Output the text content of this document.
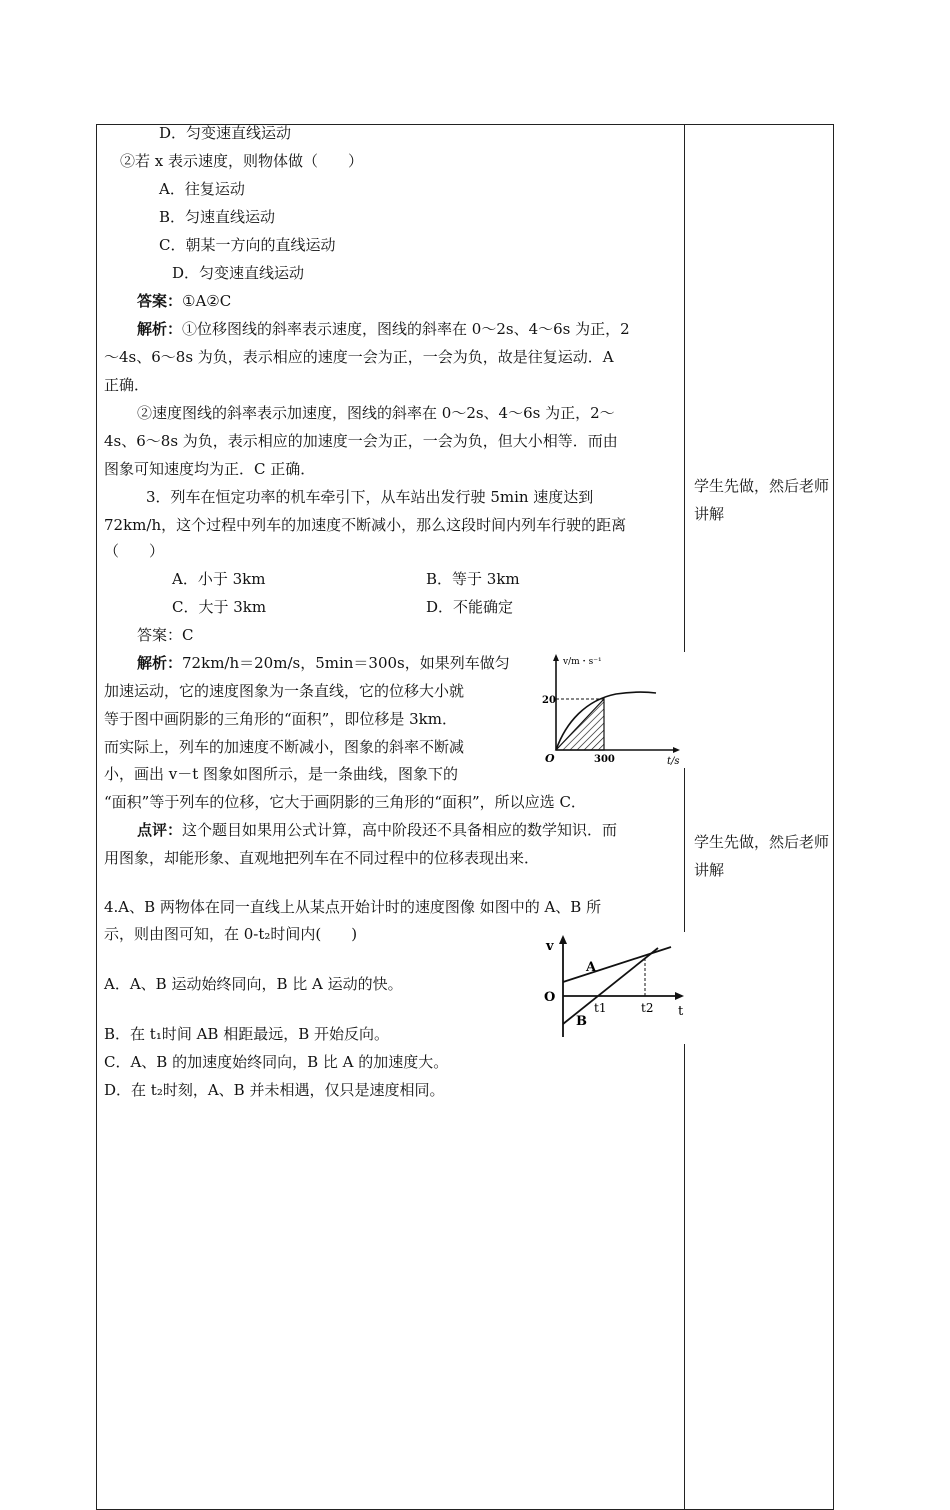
D．匀变速直线运动
②若 x 表示速度，则物体做（　　）
A．往复运动
B．匀速直线运动
C．朝某一方向的直线运动
D．匀变速直线运动
答案：①A②C
解析：①位移图线的斜率表示速度，图线的斜率在 0～2s、4～6s 为正，2
～4s、6～8s 为负，表示相应的速度一会为正，一会为负，故是往复运动．A
正确．
②速度图线的斜率表示加速度，图线的斜率在 0～2s、4～6s 为正，2～
4s、6～8s 为负，表示相应的加速度一会为正，一会为负，但大小相等．而由
图象可知速度均为正．C 正确．
3．列车在恒定功率的机车牵引下，从车站出发行驶 5min 速度达到
72km/h，这个过程中列车的加速度不断减小，那么这段时间内列车行驶的距离
（　　）
A．小于 3km	B．等于 3km
C．大于 3km	D．不能确定
答案：C
解析：72km/h＝20m/s，5min＝300s，如果列车做匀
加速运动，它的速度图象为一条直线，它的位移大小就
等于图中画阴影的三角形的“面积”，即位移是 3km．
而实际上，列车的加速度不断减小，图象的斜率不断减
小，画出 v－t 图象如图所示，是一条曲线，图象下的
“面积”等于列车的位移，它大于画阴影的三角形的“面积”，所以应选 C．
点评：这个题目如果用公式计算，高中阶段还不具备相应的数学知识．而
用图象，却能形象、直观地把列车在不同过程中的位移表现出来．
v/m・s⁻¹
t/s
O
20
300
4.A、B 两物体在同一直线上从某点开始计时的速度图像 如图中的 A、B 所
示，则由图可知，在 0-t₂时间内(　　)
A．A、B 运动始终同向，B 比 A 运动的快。
B．在 t₁时间 AB 相距最远，B 开始反向。
C．A、B 的加速度始终同向，B 比 A 的加速度大。
D．在 t₂时刻，A、B 并未相遇，仅只是速度相同。
v
t
O
A
B
t1	t2
学生先做，然后老师讲解
学生先做，然后老师讲解
